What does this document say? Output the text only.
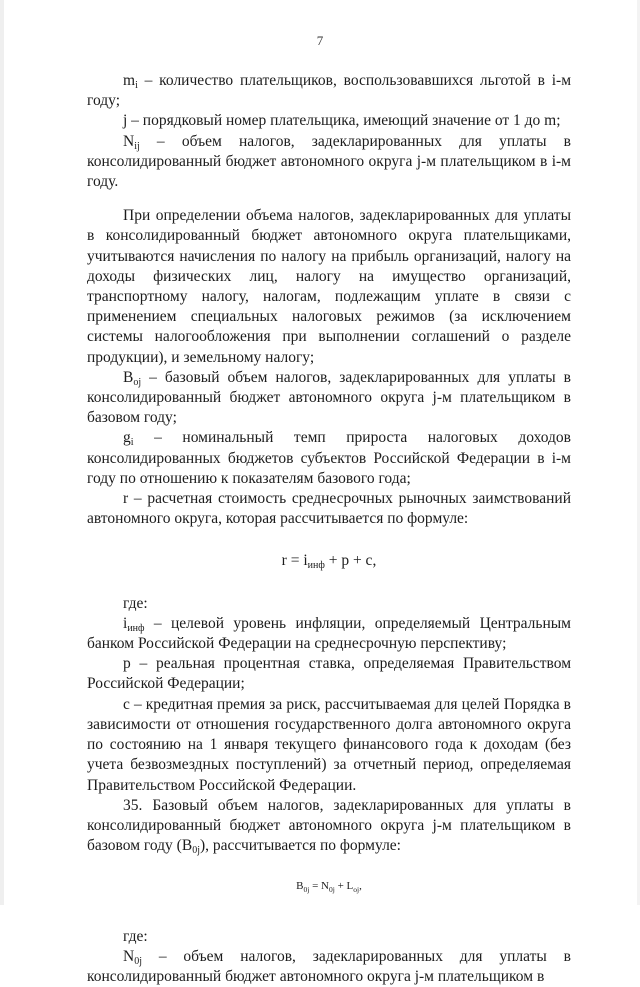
7

$m_i$ – количество плательщиков, воспользовавшихся льготой в i-м году;

j – порядковый номер плательщика, имеющий значение от 1 до m;

$N_{ij}$ – объем налогов, задекларированных для уплаты в консолидированный бюджет автономного округа j-м плательщиком в i-м году.

При определении объема налогов, задекларированных для уплаты в консолидированный бюджет автономного округа плательщиками, учитываются начисления по налогу на прибыль организаций, налогу на доходы физических лиц, налогу на имущество организаций, транспортному налогу, налогам, подлежащим уплате в связи с применением специальных налоговых режимов (за исключением системы налогообложения при выполнении соглашений о разделе продукции), и земельному налогу;

$B_{oj}$ – базовый объем налогов, задекларированных для уплаты в консолидированный бюджет автономного округа j-м плательщиком в базовом году;

$g_i$ – номинальный темп прироста налоговых доходов консолидированных бюджетов субъектов Российской Федерации в i-м году по отношению к показателям базового года;

r – расчетная стоимость среднесрочных рыночных заимствований автономного округа, которая рассчитывается по формуле:

$r = i_{инф} + p + c$,

где:

$i_{инф}$ – целевой уровень инфляции, определяемый Центральным банком Российской Федерации на среднесрочную перспективу;

p – реальная процентная ставка, определяемая Правительством Российской Федерации;

c – кредитная премия за риск, рассчитываемая для целей Порядка в зависимости от отношения государственного долга автономного округа по состоянию на 1 января текущего финансового года к доходам (без учета безвозмездных поступлений) за отчетный период, определяемая Правительством Российской Федерации.

35. Базовый объем налогов, задекларированных для уплаты в консолидированный бюджет автономного округа j-м плательщиком в базовом году $(B_{0j})$, рассчитывается по формуле:

$B_{0j} = N_{0j} + L_{oj}$,

где:

$N_{0j}$ – объем налогов, задекларированных для уплаты в консолидированный бюджет автономного округа j-м плательщиком в
